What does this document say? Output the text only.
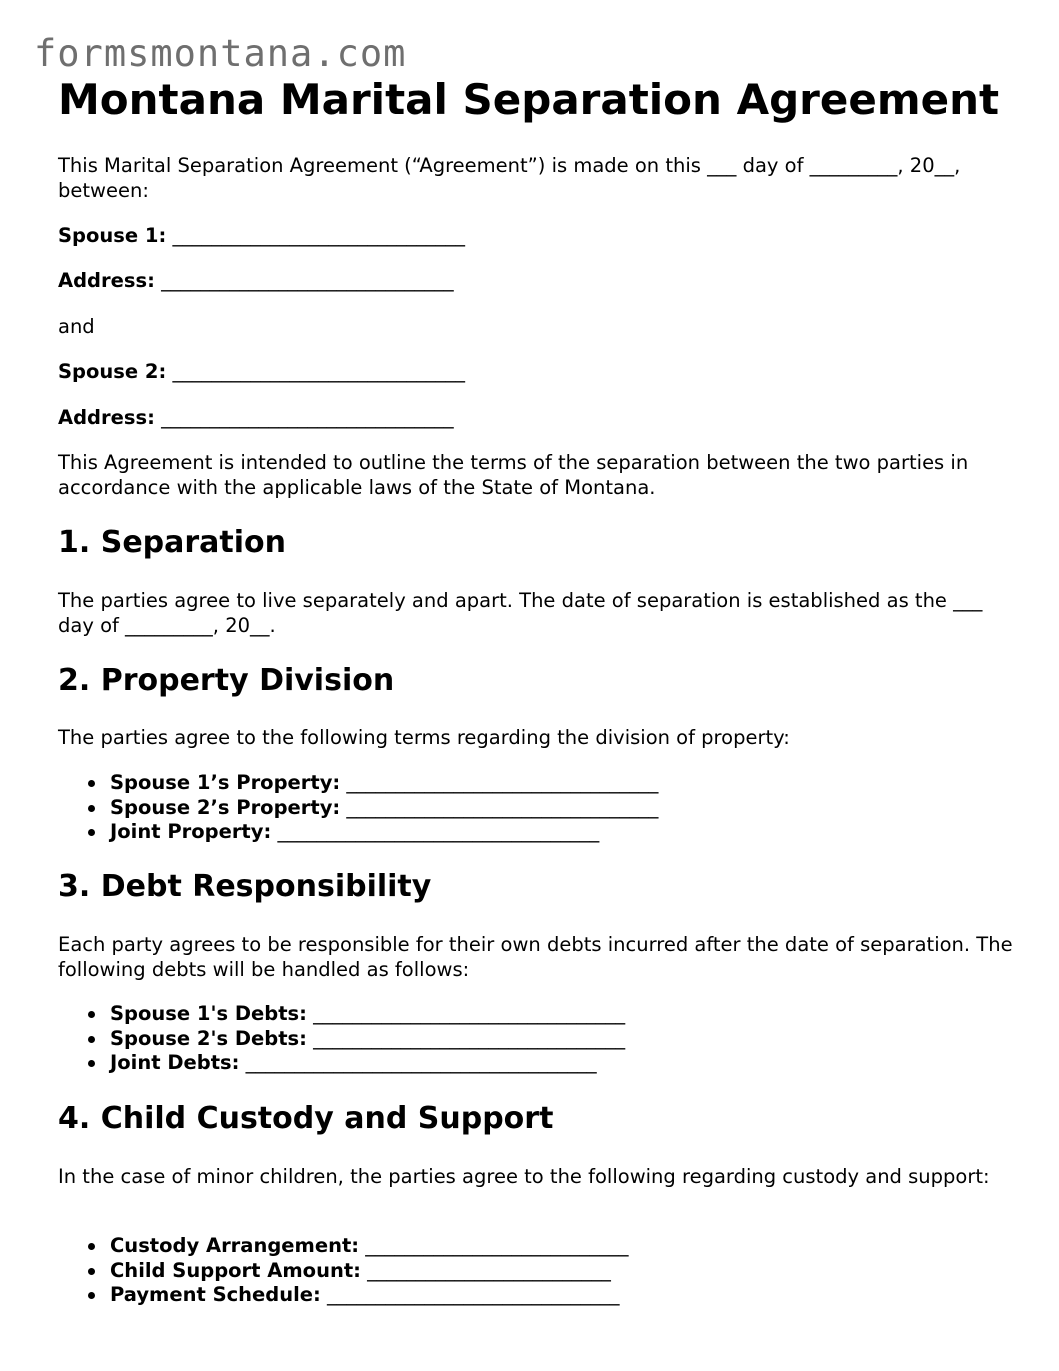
formsmontana.com
Montana Marital Separation Agreement

This Marital Separation Agreement (“Agreement”) is made on this ___ day of _________, 20__, between:

Spouse 1: ______________________________

Address: ______________________________

and

Spouse 2: ______________________________

Address: ______________________________

This Agreement is intended to outline the terms of the separation between the two parties in accordance with the applicable laws of the State of Montana.

1. Separation

The parties agree to live separately and apart. The date of separation is established as the ___ day of _________, 20__.

2. Property Division

The parties agree to the following terms regarding the division of property:

Spouse 1’s Property: ________________________________
Spouse 2’s Property: ________________________________
Joint Property: _________________________________
3. Debt Responsibility

Each party agrees to be responsible for their own debts incurred after the date of separation. The following debts will be handled as follows:

Spouse 1's Debts: ________________________________
Spouse 2's Debts: ________________________________
Joint Debts: ____________________________________
4. Child Custody and Support

In the case of minor children, the parties agree to the following regarding custody and support:

Custody Arrangement: ___________________________
Child Support Amount: _________________________
Payment Schedule: ______________________________
